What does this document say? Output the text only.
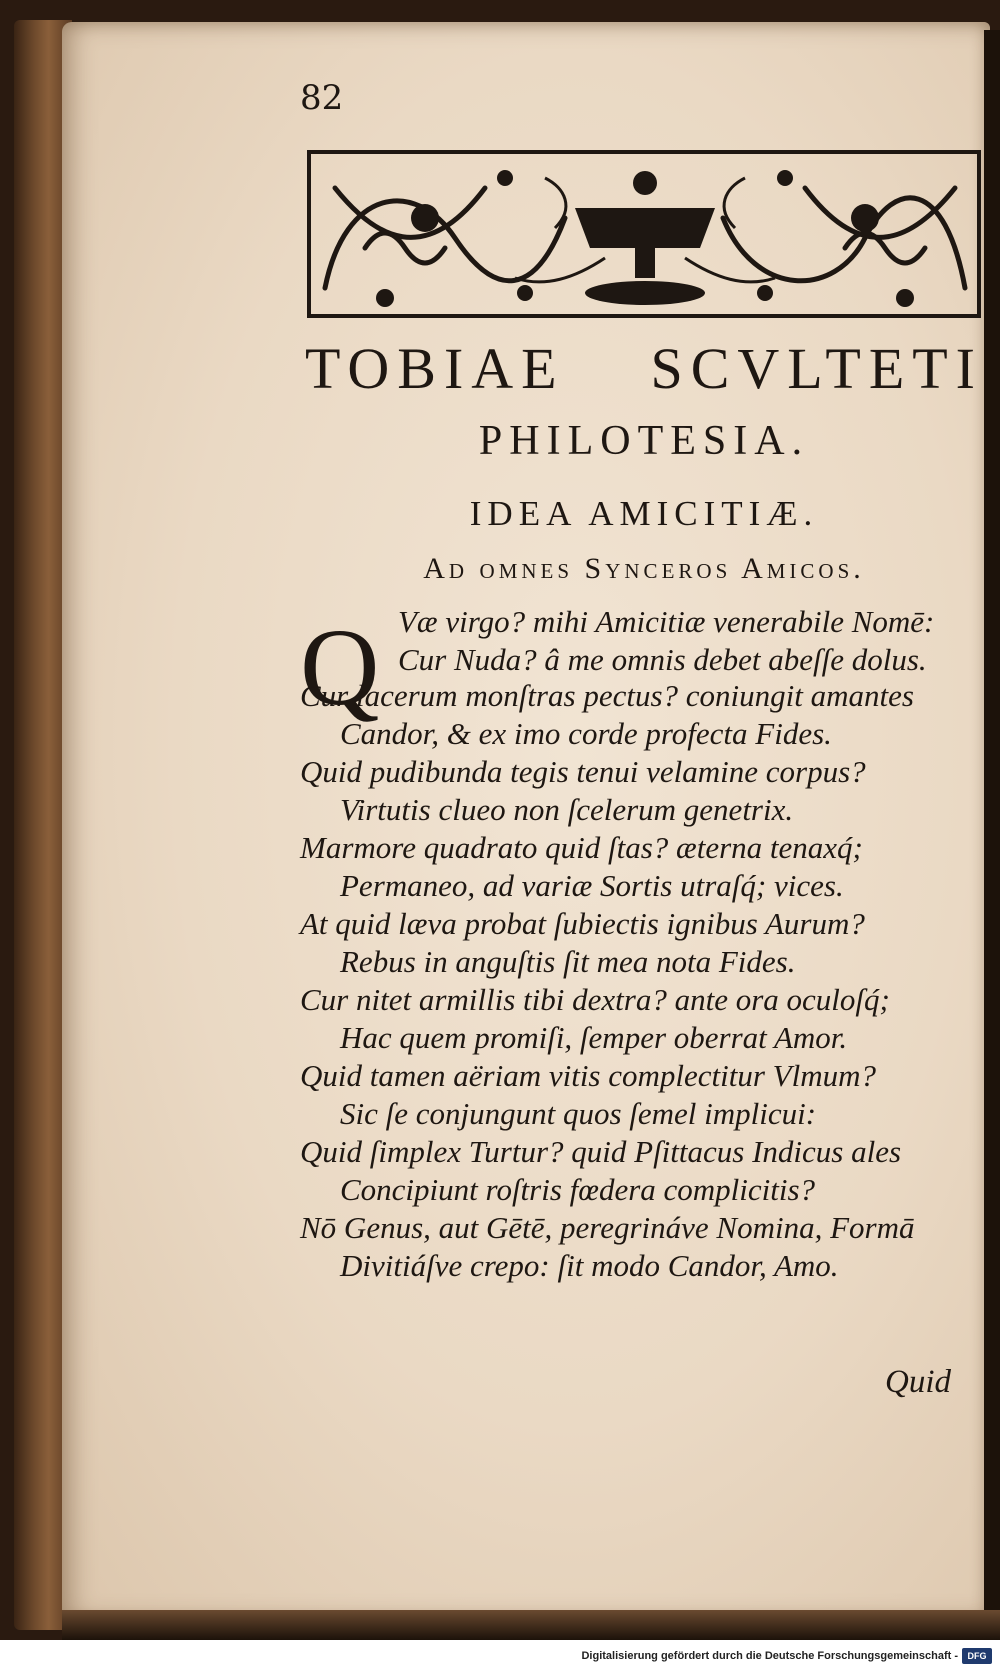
82
TOBIAE SCVLTETI
PHILOTESIA.
IDEA AMICITIÆ.
Ad omnes Synceros Amicos.
Q Væ virgo? mihi Amicitiæ venerabile Nomē:
Cur Nuda? â me omnis debet abeſſe dolus.
Cur lacerum monſtras pectus? coniungit amantes
Candor, & ex imo corde profecta Fides.
Quid pudibunda tegis tenui velamine corpus?
Virtutis clueo non ſcelerum genetrix.
Marmore quadrato quid ſtas? æterna tenaxq́;
Permaneo, ad variæ Sortis utraſq́; vices.
At quid læva probat ſubiectis ignibus Aurum?
Rebus in anguſtis ſit mea nota Fides.
Cur nitet armillis tibi dextra? ante ora oculoſq́;
Hac quem promiſi, ſemper oberrat Amor.
Quid tamen aëriam vitis complectitur Vlmum?
Sic ſe conjungunt quos ſemel implicui:
Quid ſimplex Turtur? quid Pſittacus Indicus ales
Concipiunt roſtris fœdera complicitis?
Nō Genus, aut Gētē, peregrináve Nomina, Formā
Divitiáſve crepo: ſit modo Candor, Amo.
Quid
Digitalisierung gefördert durch die Deutsche Forschungsgemeinschaft -	DFG
